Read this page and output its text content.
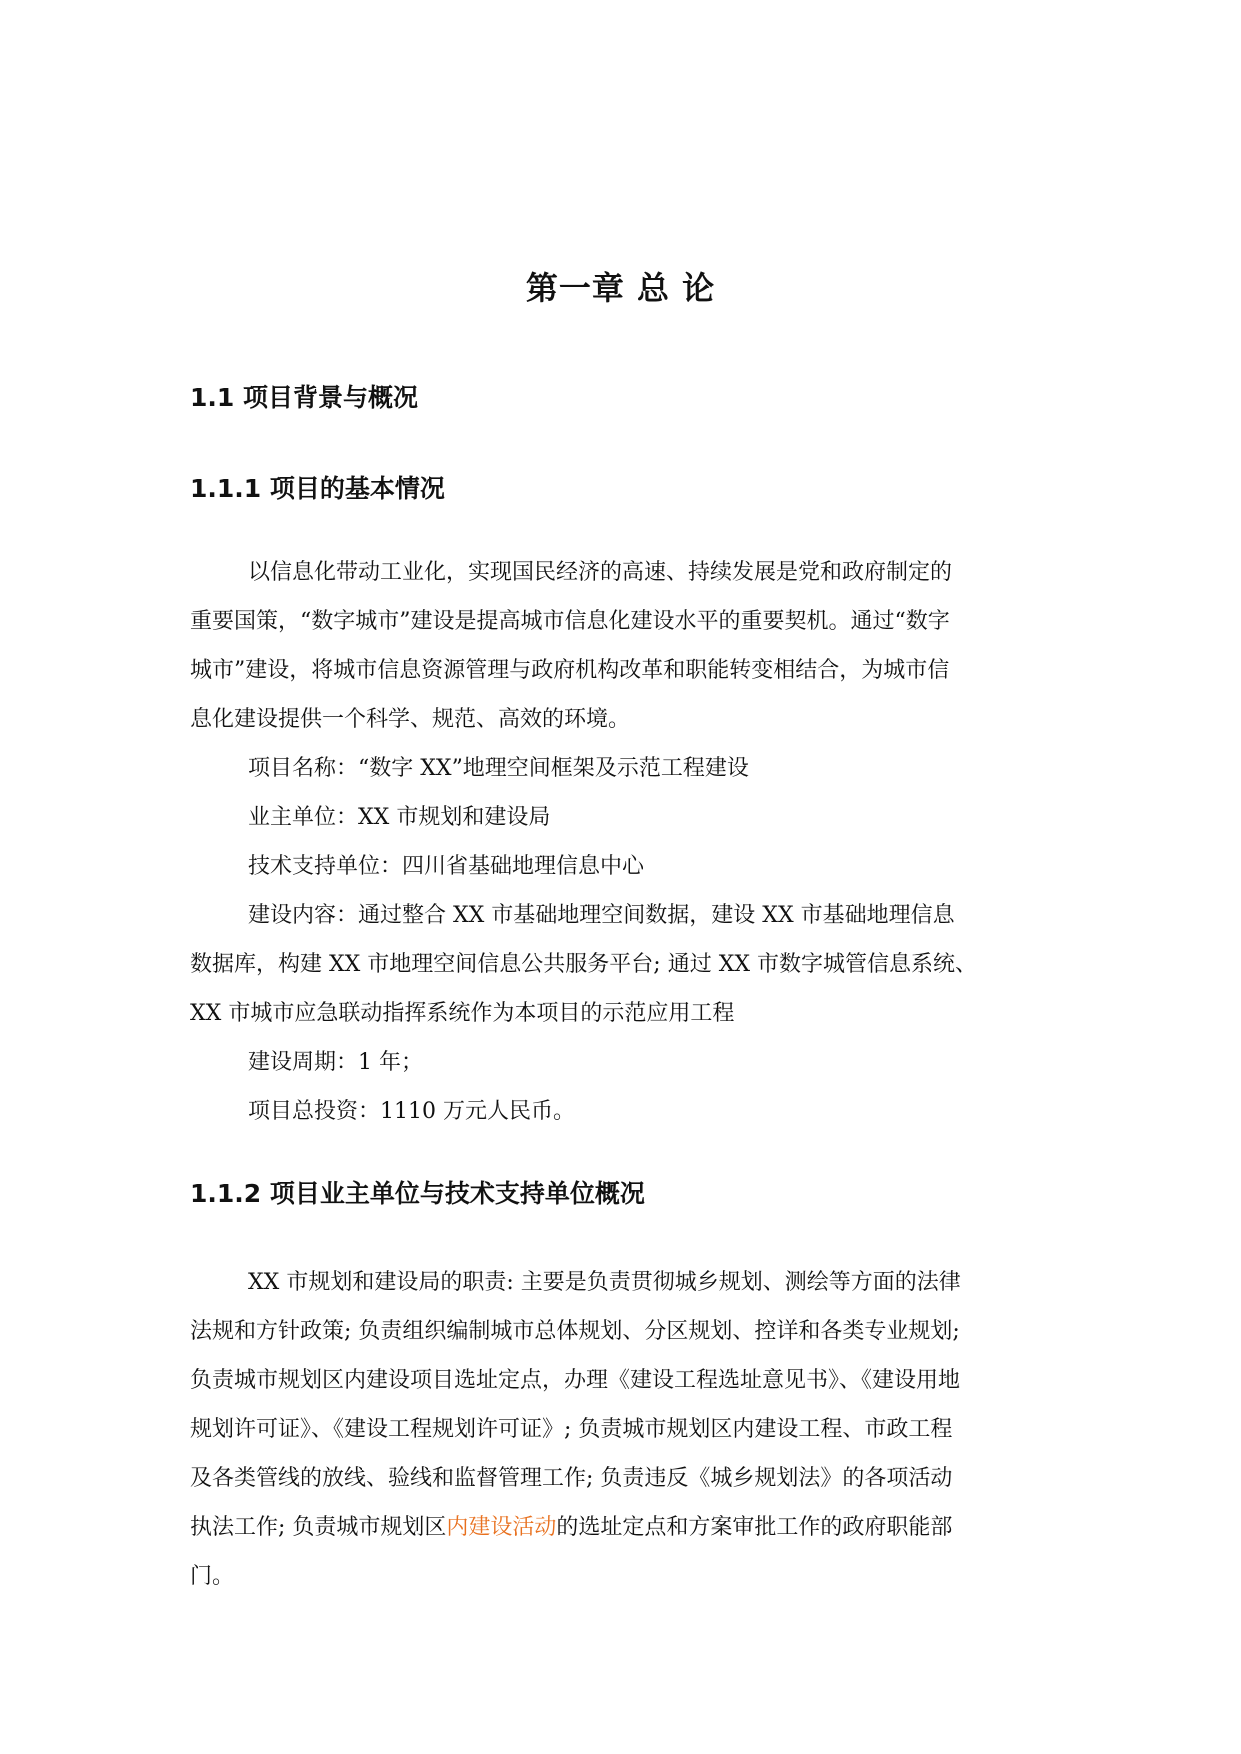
第一章 总 论
1.1 项目背景与概况
1.1.1 项目的基本情况
以信息化带动工业化，实现国民经济的高速、持续发展是党和政府制定的
重要国策，“数字城市”建设是提高城市信息化建设水平的重要契机。通过“数字
城市”建设，将城市信息资源管理与政府机构改革和职能转变相结合，为城市信
息化建设提供一个科学、规范、高效的环境。
项目名称：“数字 XX”地理空间框架及示范工程建设
业主单位：XX 市规划和建设局
技术支持单位：四川省基础地理信息中心
建设内容：通过整合 XX 市基础地理空间数据，建设 XX 市基础地理信息
数据库，构建 XX 市地理空间信息公共服务平台; 通过 XX 市数字城管信息系统、
XX 市城市应急联动指挥系统作为本项目的示范应用工程
建设周期：1 年；
项目总投资：1110 万元人民币。
1.1.2 项目业主单位与技术支持单位概况
XX 市规划和建设局的职责: 主要是负责贯彻城乡规划、测绘等方面的法律
法规和方针政策; 负责组织编制城市总体规划、分区规划、控详和各类专业规划;
负责城市规划区内建设项目选址定点，办理《建设工程选址意见书》、《建设用地
规划许可证》、《建设工程规划许可证》; 负责城市规划区内建设工程、市政工程
及各类管线的放线、验线和监督管理工作; 负责违反《城乡规划法》的各项活动
执法工作; 负责城市规划区内建设活动的选址定点和方案审批工作的政府职能部
门。
